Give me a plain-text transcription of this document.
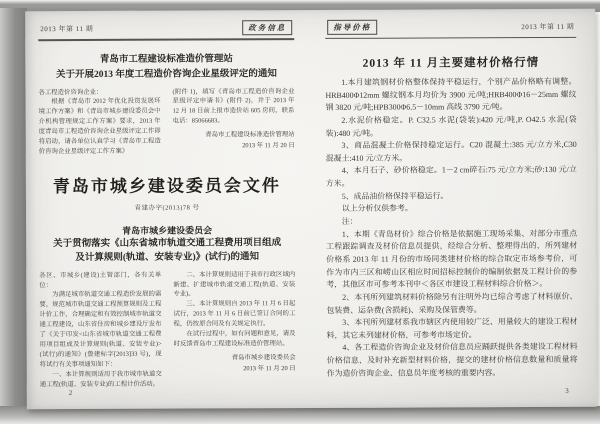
2013 年第 11 期	政务信息
青岛市工程建设标准造价管理站
关于开展2013 年度工程造价咨询企业星级评定的通知

各工程造价咨询企业：

根据《青岛市 2012 年优化投资发展环境工作方案》和《青岛市城乡建设委员会中介机构管理规定工作方案》要求，2013 年度青岛市工程造价咨询企业星级评定工作即将启动，请各单位认真学习《青岛市工程造价咨询企业星级评定工作方案》

(附件 1)，填写《青岛市工程造价咨询企业星级评定申请书》(附件 2)，并于 2013 年 12 月 18 日前上报市造价站 605 房间，联系电话：85066683。

青岛市工程建设标准造价管理站

2013 年 11 月 20 日

青岛市城乡建设委员会文件
青建办字(2013)78 号
青岛市城乡建设委员会
关于贯彻落实《山东省城市轨道交通工程费用项目组成
及计算规则(轨道、安装专业)》(试行)的通知

各区、市城乡(建设)主管部门，各有关单位：

为满足城市轨道交通工程造价发展的需要，规范城市轨道交通工程预算规则及工程计价工作，合理确定和有效控制城市轨道交通工程建设，山东省住房和城乡建设厅发布了《关于印发<山东省城市轨道交通工程费用项目组成及计算规则(轨道、安装专业)>(试行)的通知》(鲁建标字[2013]33 号)，现将试行有关事项通知如下：

一、本计算规则适用于我市城市轨道交通工程(轨道、安装专业)的工程计价活动。

二、本计算规则适用于我市行政区域内新建、扩建城市轨道交通工程(轨道、安装专业)。

三、本计算规则自 2013 年 11 月 6 日起试行，2013 年 11 月 6 日前已签订合同的工程，仍按原合同及有关规定执行。

在试行过程中，如有问题和意见，请及时反馈青岛市工程建设标准造价管理站。

青岛市城乡建设委员会

2013 年 11 月 20 日

2
指导价格	2013 年第 11 期
2013 年 11 月主要建材价格行情

1.本月建筑钢材价格整体保持平稳运行，个别产品价格略有调整。HRB400Φ12mm 螺纹钢本月均价为 3900 元/吨;HRB400Φ16－25mm 螺纹钢 3820 元/吨;HPB300Φ6.5－10mm 高线 3790 元/吨。

2.水泥价格稳定。P. C32.5 水泥(袋装):420 元/吨,P. O42.5 水泥(袋装):480 元/吨。

3、商品混凝土价格保持稳定运行。C20 混凝土:385 元/立方米,C30 混凝土:410 元/立方米。

4、本月石子、砂价格稳定。1－2 cm碎石:75 元/立方米;砂:130 元/立方米。

5、成品油价格保持平稳运行。

以上分析仅供参考。

注：

1、本期《青岛材价》综合价格是依据施工现场采集、对部分市重点工程跟踪调查及材价信息员提供，经综合分析、整理得出的，所列建材价格系 2013 年 11 月份的市场同类建材价格的综合取定市场参考价，可作为市内三区和崂山区相应时间招标控制价的编制依据及工程计价的参考，其他区市可参考本刊中＜各区市建设工程材料综合价格＞。

2、本刊所列建筑材料价格除另有注明外均已综合考虑了材料原价、包装费、运杂费(含损耗)、采购及保管费等。

3、本刊所列建材系我市辖区内使用较广泛、用量较大的建设工程材料，其它未列建材价格，可参考市场定价。

4、各工程造价咨询企业及材价信息员应踊跃提供各类建设工程材料价格信息，及时补充新型材料价格，提交的建材价格信息数量和质量将作为造价咨询企业、信息员年度考核的重要内容。

3
